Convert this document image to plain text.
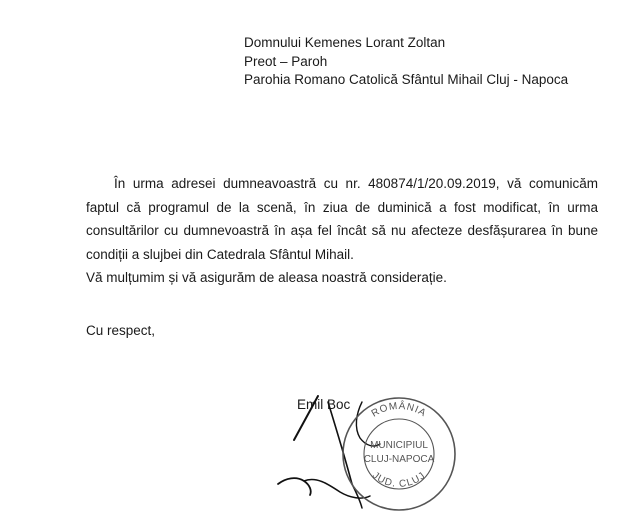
Domnului Kemenes Lorant Zoltan
Preot – Paroh
Parohia Romano Catolică Sfântul Mihail Cluj - Napoca

În urma adresei dumneavoastră cu nr. 480874/1/20.09.2019, vă comunicăm faptul că programul de la scenă, în ziua de duminică a fost modificat, în urma consultărilor cu dumnevoastră în așa fel încât să nu afecteze desfășurarea în bune condiții a slujbei din Catedrala Sfântul Mihail.

Vă mulțumim și vă asigurăm de aleasa noastră considerație.

Cu respect,
Emil Boc
ROMÂNIA
MUNICIPIUL
CLUJ-NAPOCA
JUD. CLUJ
